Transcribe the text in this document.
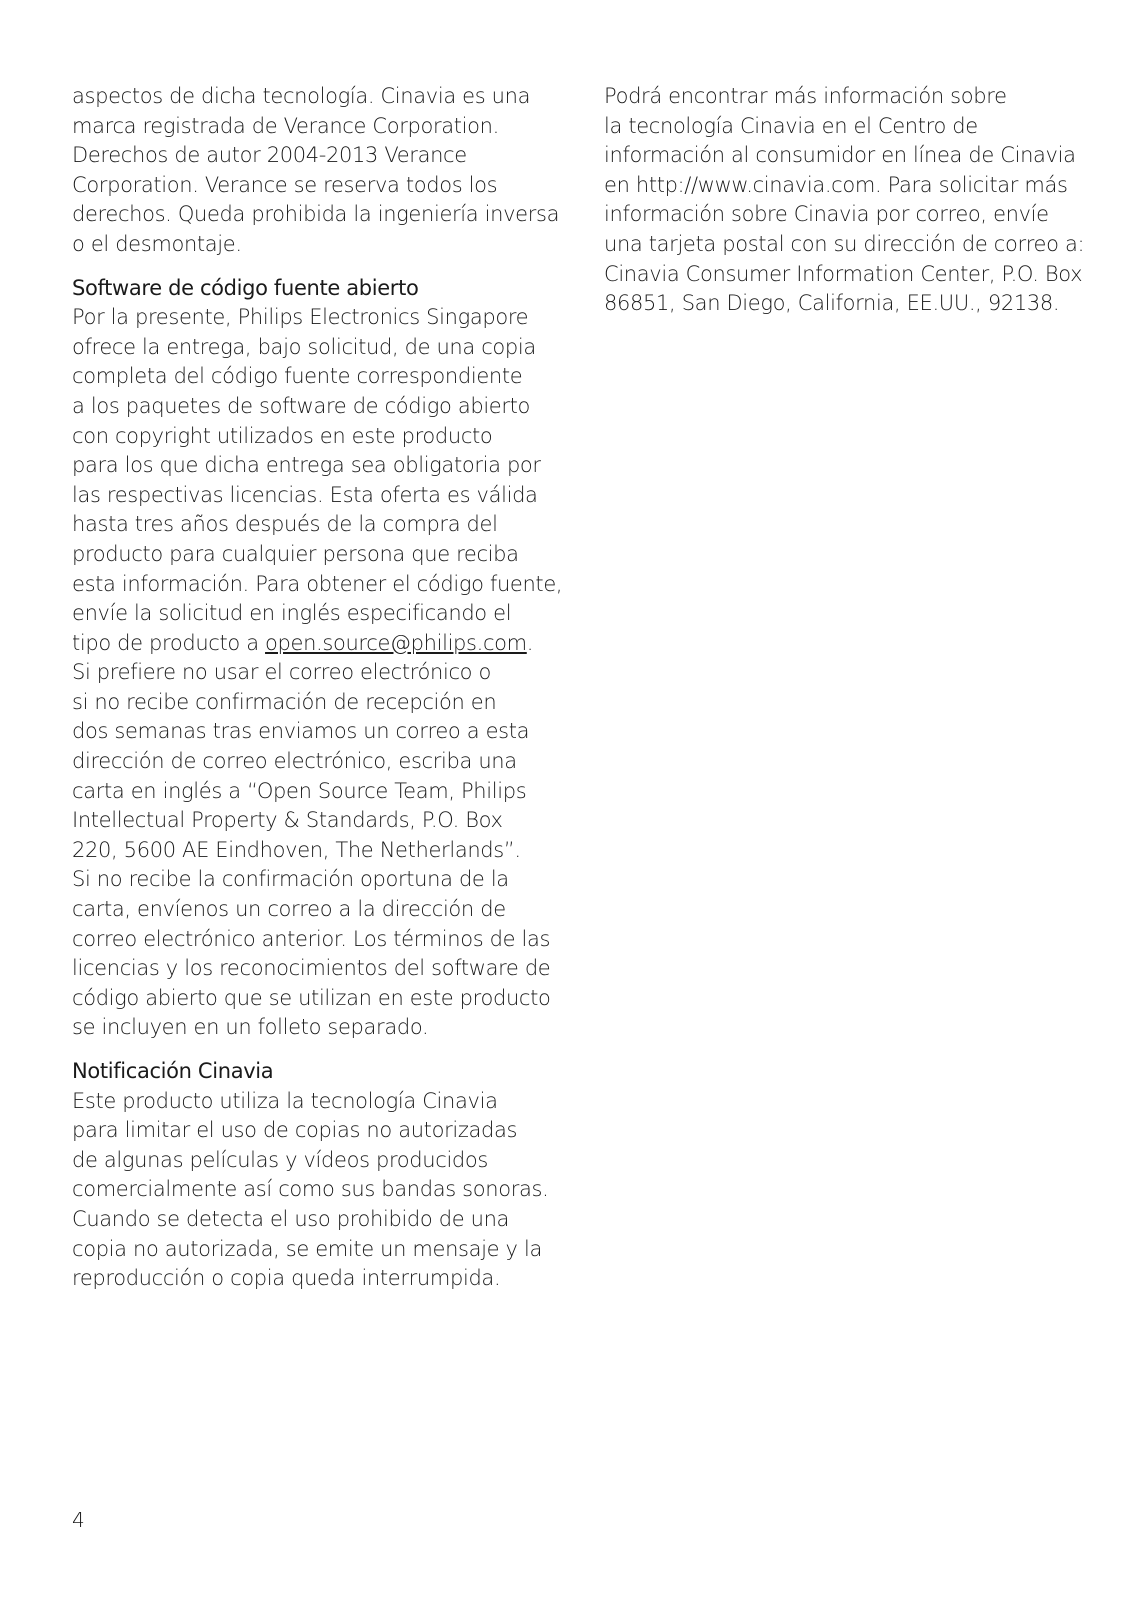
aspectos de dicha tecnología. Cinavia es una
marca registrada de Verance Corporation.
Derechos de autor 2004-2013 Verance
Corporation. Verance se reserva todos los
derechos. Queda prohibida la ingeniería inversa
o el desmontaje.
Software de código fuente abierto
Por la presente, Philips Electronics Singapore
ofrece la entrega, bajo solicitud, de una copia
completa del código fuente correspondiente
a los paquetes de software de código abierto
con copyright utilizados en este producto
para los que dicha entrega sea obligatoria por
las respectivas licencias. Esta oferta es válida
hasta tres años después de la compra del
producto para cualquier persona que reciba
esta información. Para obtener el código fuente,
envíe la solicitud en inglés especificando el
tipo de producto a open.source@philips.com.
Si prefiere no usar el correo electrónico o
si no recibe confirmación de recepción en
dos semanas tras enviamos un correo a esta
dirección de correo electrónico, escriba una
carta en inglés a “Open Source Team, Philips
Intellectual Property & Standards, P.O. Box
220, 5600 AE Eindhoven, The Netherlands”.
Si no recibe la confirmación oportuna de la
carta, envíenos un correo a la dirección de
correo electrónico anterior. Los términos de las
licencias y los reconocimientos del software de
código abierto que se utilizan en este producto
se incluyen en un folleto separado.
Notificación Cinavia
Este producto utiliza la tecnología Cinavia
para limitar el uso de copias no autorizadas
de algunas películas y vídeos producidos
comercialmente así como sus bandas sonoras.
Cuando se detecta el uso prohibido de una
copia no autorizada, se emite un mensaje y la
reproducción o copia queda interrumpida.
Podrá encontrar más información sobre
la tecnología Cinavia en el Centro de
información al consumidor en línea de Cinavia
en http://www.cinavia.com. Para solicitar más
información sobre Cinavia por correo, envíe
una tarjeta postal con su dirección de correo a:
Cinavia Consumer Information Center, P.O. Box
86851, San Diego, California, EE.UU., 92138.
4
